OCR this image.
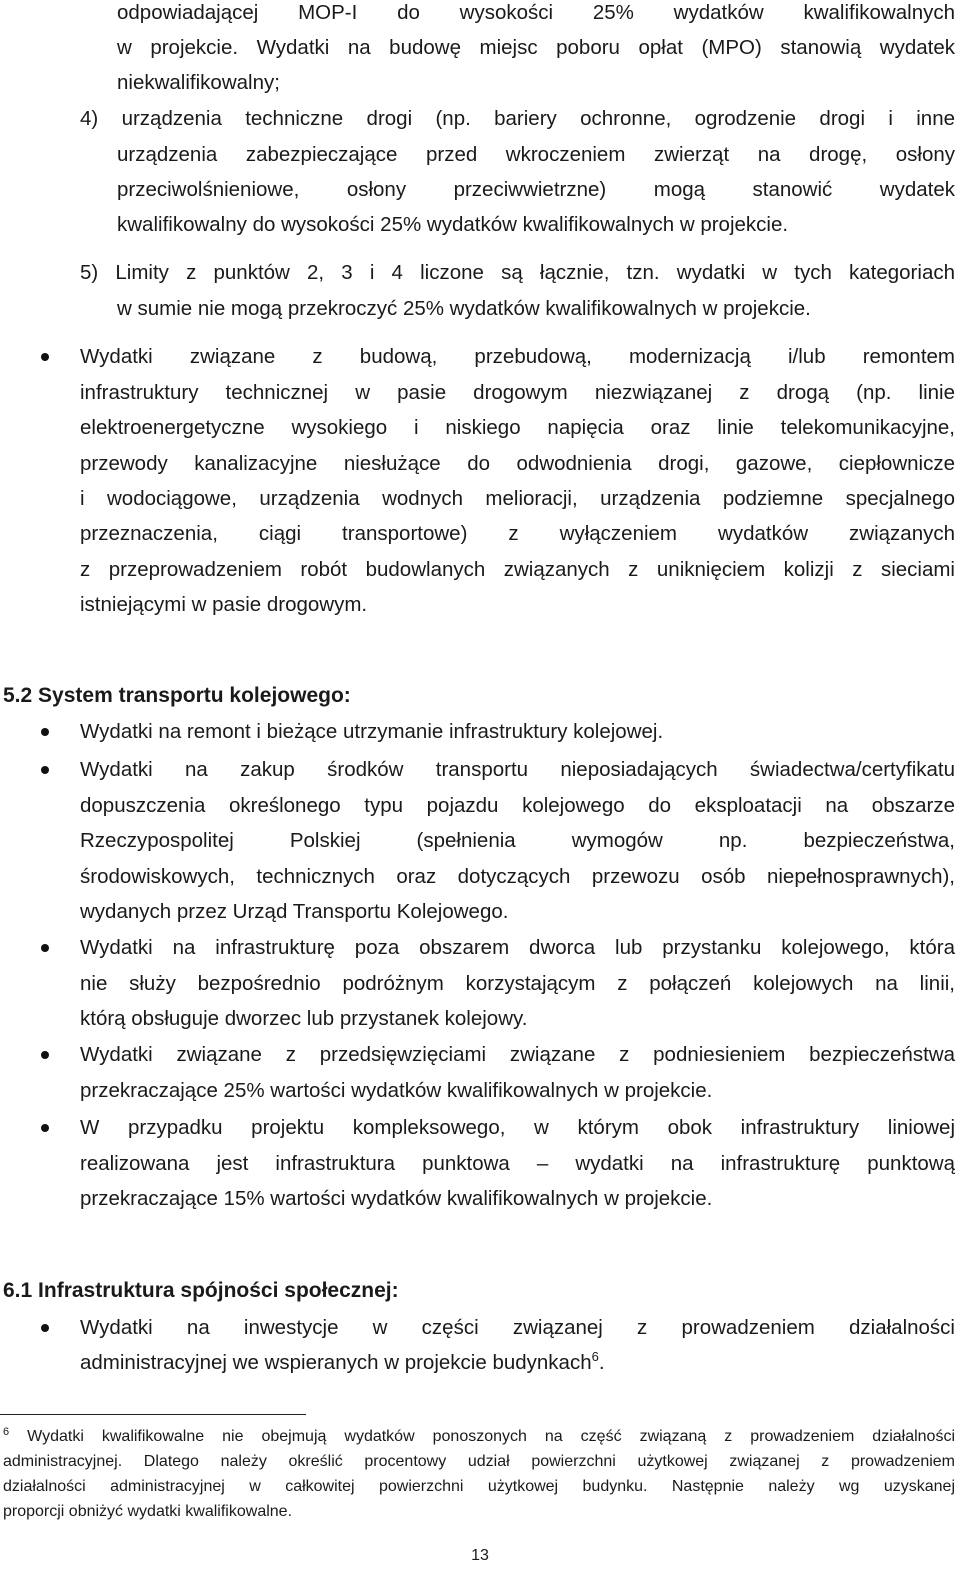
odpowiadającej MOP-I do wysokości 25% wydatków kwalifikowalnych
w projekcie. Wydatki na budowę miejsc poboru opłat (MPO) stanowią wydatek
niekwalifikowalny;
4) urządzenia techniczne drogi (np. bariery ochronne, ogrodzenie drogi i inne
urządzenia zabezpieczające przed wkroczeniem zwierząt na drogę, osłony
przeciwolśnieniowe, osłony przeciwwietrzne) mogą stanowić wydatek
kwalifikowalny do wysokości 25% wydatków kwalifikowalnych w projekcie.
5) Limity z punktów 2, 3 i 4 liczone są łącznie, tzn. wydatki w tych kategoriach
w sumie nie mogą przekroczyć 25% wydatków kwalifikowalnych w projekcie.
Wydatki związane z budową, przebudową, modernizacją i/lub remontem
infrastruktury technicznej w pasie drogowym niezwiązanej z drogą (np. linie
elektroenergetyczne wysokiego i niskiego napięcia oraz linie telekomunikacyjne,
przewody kanalizacyjne niesłużące do odwodnienia drogi, gazowe, ciepłownicze
i wodociągowe, urządzenia wodnych melioracji, urządzenia podziemne specjalnego
przeznaczenia, ciągi transportowe) z wyłączeniem wydatków związanych
z przeprowadzeniem robót budowlanych związanych z uniknięciem kolizji z sieciami
istniejącymi w pasie drogowym.
5.2 System transportu kolejowego:
Wydatki na remont i bieżące utrzymanie infrastruktury kolejowej.
Wydatki na zakup środków transportu nieposiadających świadectwa/certyfikatu
dopuszczenia określonego typu pojazdu kolejowego do eksploatacji na obszarze
Rzeczypospolitej Polskiej (spełnienia wymogów np. bezpieczeństwa,
środowiskowych, technicznych oraz dotyczących przewozu osób niepełnosprawnych),
wydanych przez Urząd Transportu Kolejowego.
Wydatki na infrastrukturę poza obszarem dworca lub przystanku kolejowego, która
nie służy bezpośrednio podróżnym korzystającym z połączeń kolejowych na linii,
którą obsługuje dworzec lub przystanek kolejowy.
Wydatki związane z przedsięwzięciami związane z podniesieniem bezpieczeństwa
przekraczające 25% wartości wydatków kwalifikowalnych w projekcie.
W przypadku projektu kompleksowego, w którym obok infrastruktury liniowej
realizowana jest infrastruktura punktowa – wydatki na infrastrukturę punktową
przekraczające 15% wartości wydatków kwalifikowalnych w projekcie.
6.1 Infrastruktura spójności społecznej:
Wydatki na inwestycje w części związanej z prowadzeniem działalności
administracyjnej we wspieranych w projekcie budynkach$^6$.
$^6$ Wydatki kwalifikowalne nie obejmują wydatków ponoszonych na część związaną z prowadzeniem działalności
administracyjnej. Dlatego należy określić procentowy udział powierzchni użytkowej związanej z prowadzeniem
działalności administracyjnej w całkowitej powierzchni użytkowej budynku. Następnie należy wg uzyskanej
proporcji obniżyć wydatki kwalifikowalne.
13
